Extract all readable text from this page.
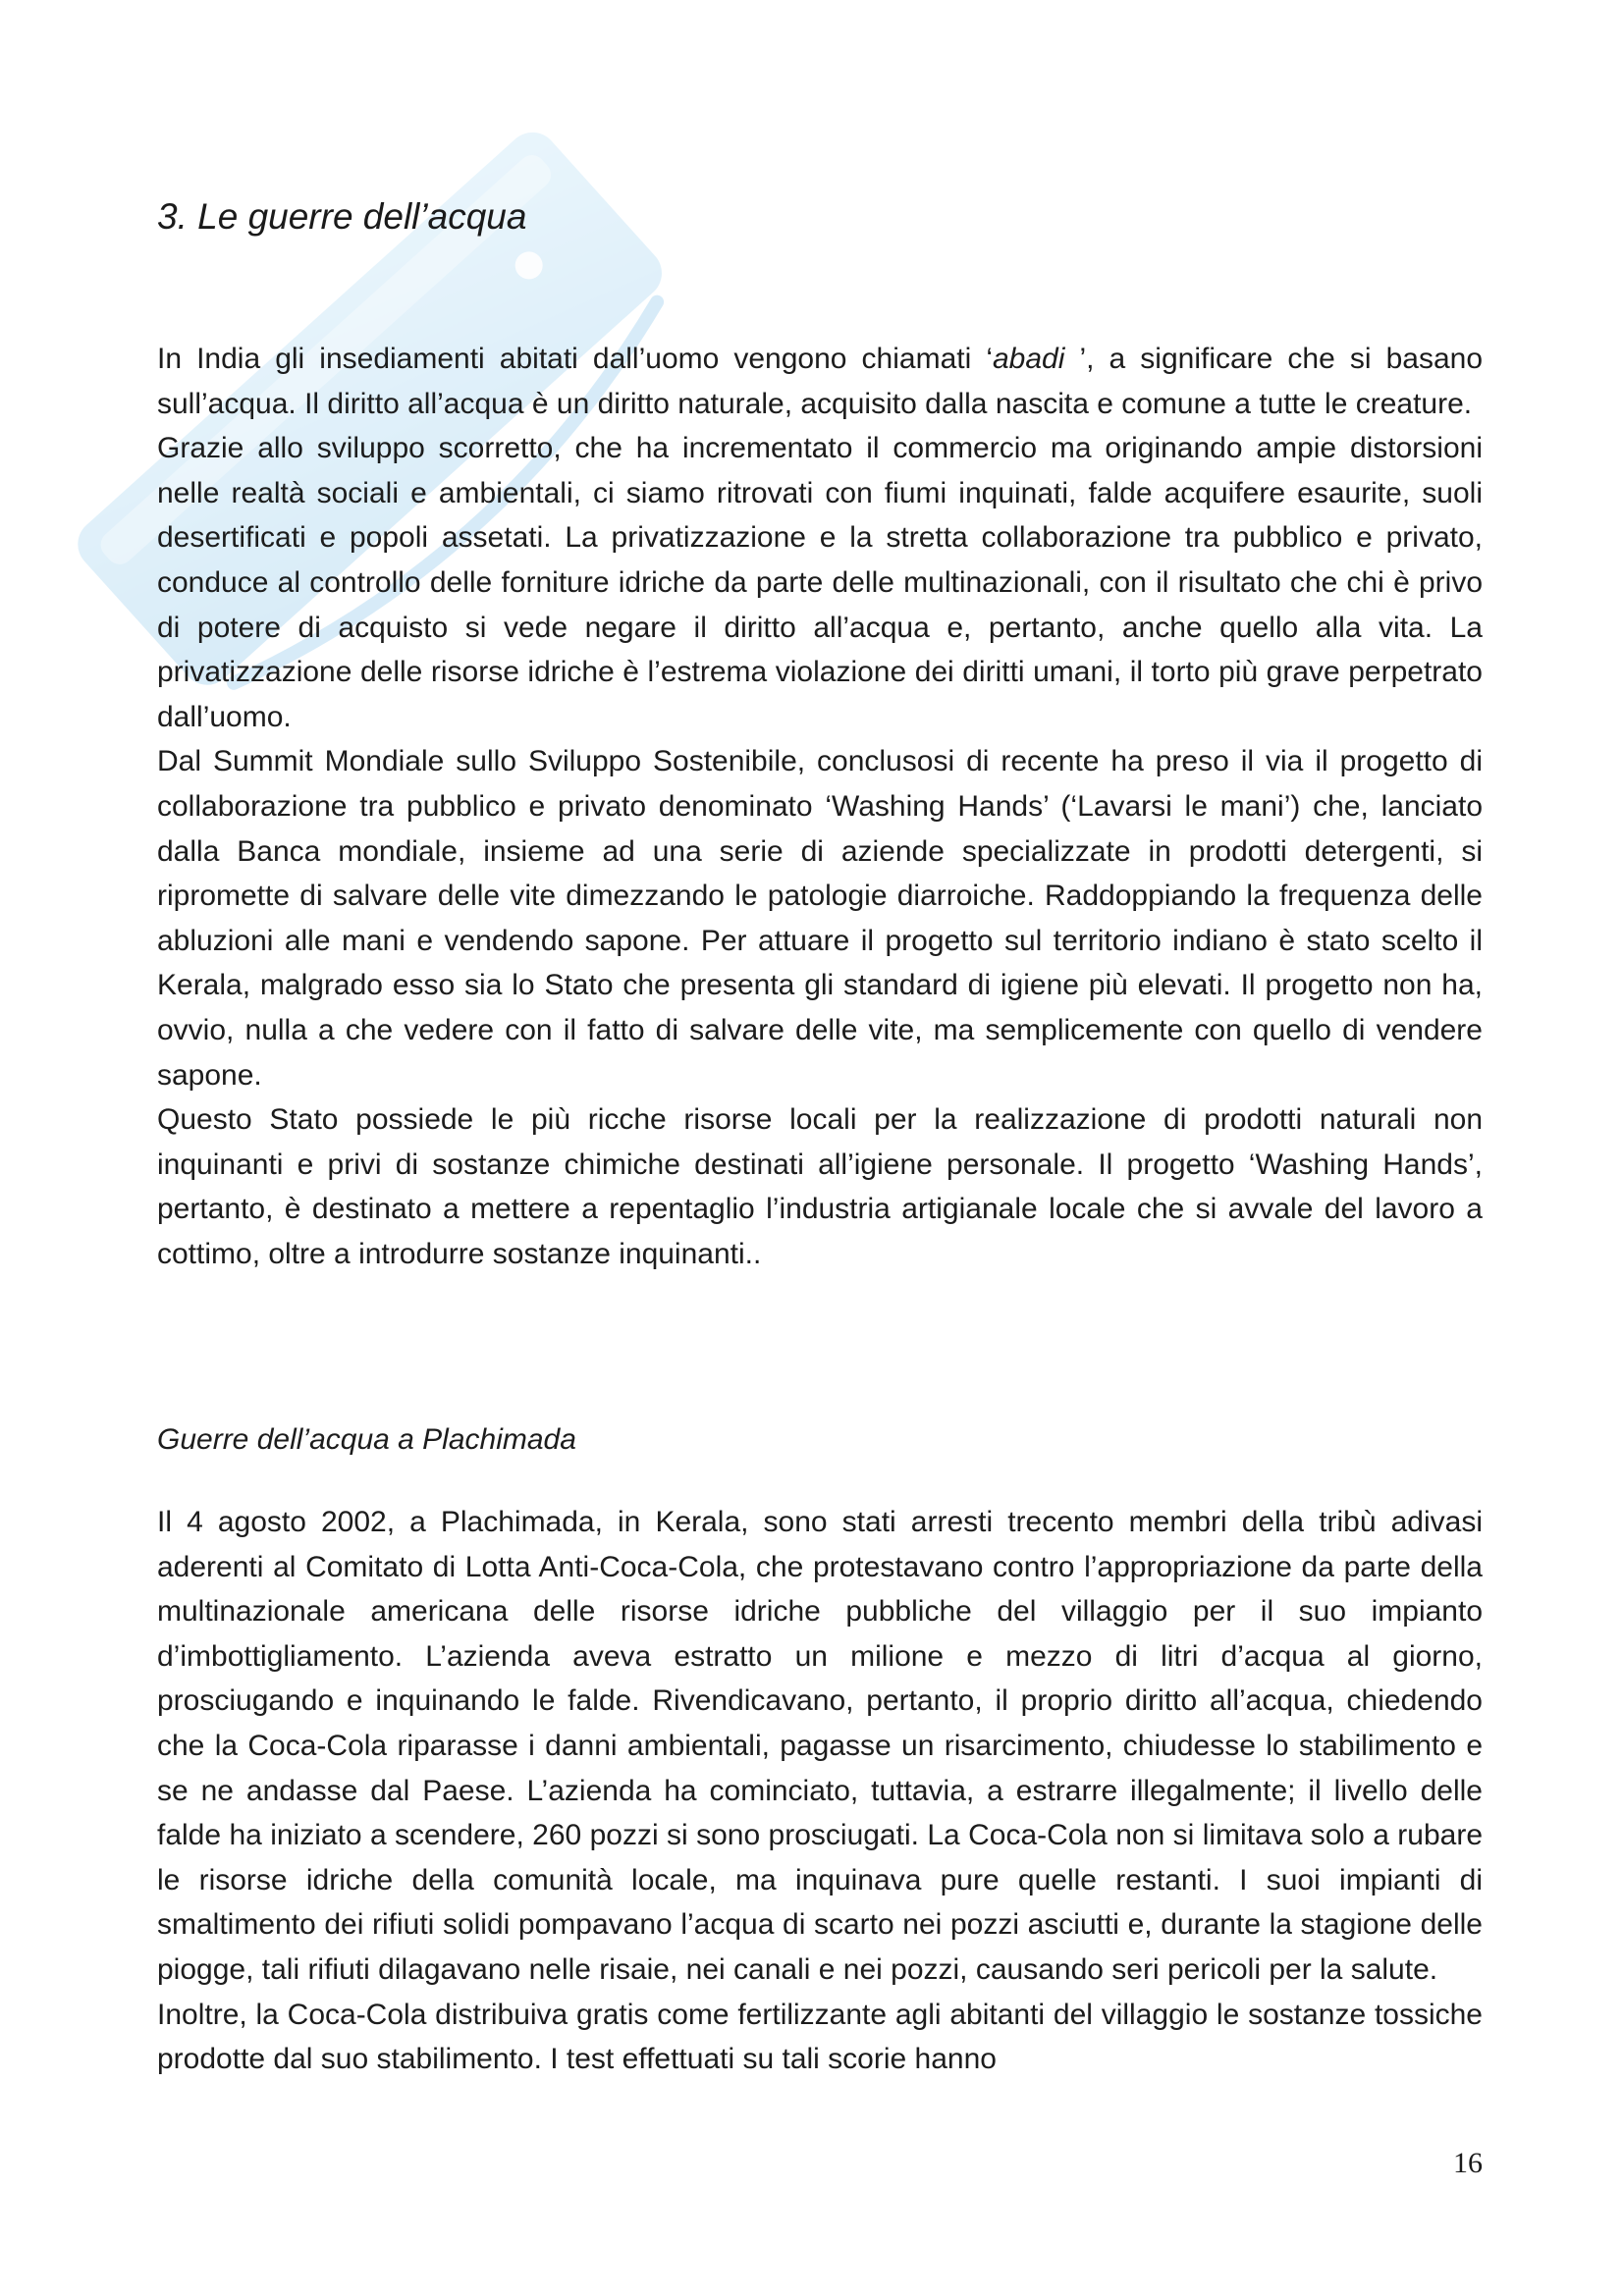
3. Le guerre dell’acqua

In India gli insediamenti abitati dall’uomo vengono chiamati ‘abadi ’, a significare che si basano sull’acqua. Il diritto all’acqua è un diritto naturale, acquisito dalla nascita e comune a tutte le creature.

Grazie allo sviluppo scorretto, che ha incrementato il commercio ma originando ampie distorsioni nelle realtà sociali e ambientali, ci siamo ritrovati con fiumi inquinati, falde acquifere esaurite, suoli desertificati e popoli assetati. La privatizzazione e la stretta collaborazione tra pubblico e privato, conduce al controllo delle forniture idriche da parte delle multinazionali, con il risultato che chi è privo di potere di acquisto si vede negare il diritto all’acqua e, pertanto, anche quello alla vita. La privatizzazione delle risorse idriche è l’estrema violazione dei diritti umani, il torto più grave perpetrato dall’uomo.

Dal Summit Mondiale sullo Sviluppo Sostenibile, conclusosi di recente ha preso il via il progetto di collaborazione tra pubblico e privato denominato ‘Washing Hands’ (‘Lavarsi le mani’) che, lanciato dalla Banca mondiale, insieme ad una serie di aziende specializzate in prodotti detergenti, si ripromette di salvare delle vite dimezzando le patologie diarroiche. Raddoppiando la frequenza delle abluzioni alle mani e vendendo sapone. Per attuare il progetto sul territorio indiano è stato scelto il Kerala, malgrado esso sia lo Stato che presenta gli standard di igiene più elevati. Il progetto non ha, ovvio, nulla a che vedere con il fatto di salvare delle vite, ma semplicemente con quello di vendere sapone.

Questo Stato possiede le più ricche risorse locali per la realizzazione di prodotti naturali non inquinanti e privi di sostanze chimiche destinati all’igiene personale. Il progetto ‘Washing Hands’, pertanto, è destinato a mettere a repentaglio l’industria artigianale locale che si avvale del lavoro a cottimo, oltre a introdurre sostanze inquinanti..

Guerre dell’acqua a Plachimada

Il 4 agosto 2002, a Plachimada, in Kerala, sono stati arresti trecento membri della tribù adivasi aderenti al Comitato di Lotta Anti-Coca-Cola, che protestavano contro l’appropriazione da parte della multinazionale americana delle risorse idriche pubbliche del villaggio per il suo impianto d’imbottigliamento. L’azienda aveva estratto un milione e mezzo di litri d’acqua al giorno, prosciugando e inquinando le falde. Rivendicavano, pertanto, il proprio diritto all’acqua, chiedendo che la Coca-Cola riparasse i danni ambientali, pagasse un risarcimento, chiudesse lo stabilimento e se ne andasse dal Paese. L’azienda ha cominciato, tuttavia, a estrarre illegalmente; il livello delle falde ha iniziato a scendere, 260 pozzi si sono prosciugati. La Coca-Cola non si limitava solo a rubare le risorse idriche della comunità locale, ma inquinava pure quelle restanti. I suoi impianti di smaltimento dei rifiuti solidi pompavano l’acqua di scarto nei pozzi asciutti e, durante la stagione delle piogge, tali rifiuti dilagavano nelle risaie, nei canali e nei pozzi, causando seri pericoli per la salute.

Inoltre, la Coca-Cola distribuiva gratis come fertilizzante agli abitanti del villaggio le sostanze tossiche prodotte dal suo stabilimento. I test effettuati su tali scorie hanno

16
